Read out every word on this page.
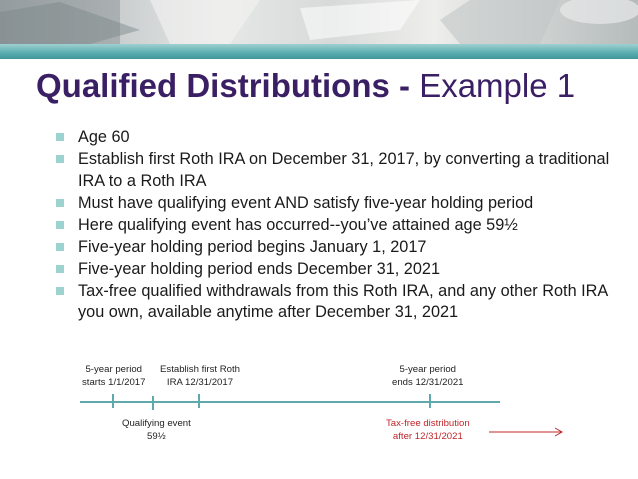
Qualified Distributions - Example 1
Age 60
Establish first Roth IRA on December 31, 2017, by converting a traditional IRA to a Roth IRA
Must have qualifying event AND satisfy five-year holding period
Here qualifying event has occurred--you’ve attained age 59½
Five-year holding period begins January 1, 2017
Five-year holding period ends December 31, 2021
Tax-free qualified withdrawals from this Roth IRA, and any other Roth IRA you own, available anytime after December 31, 2021
5-year period
starts 1/1/2017
Establish first Roth
IRA 12/31/2017
5-year period
ends 12/31/2021
Qualifying event
59½
Tax-free distribution
after 12/31/2021
